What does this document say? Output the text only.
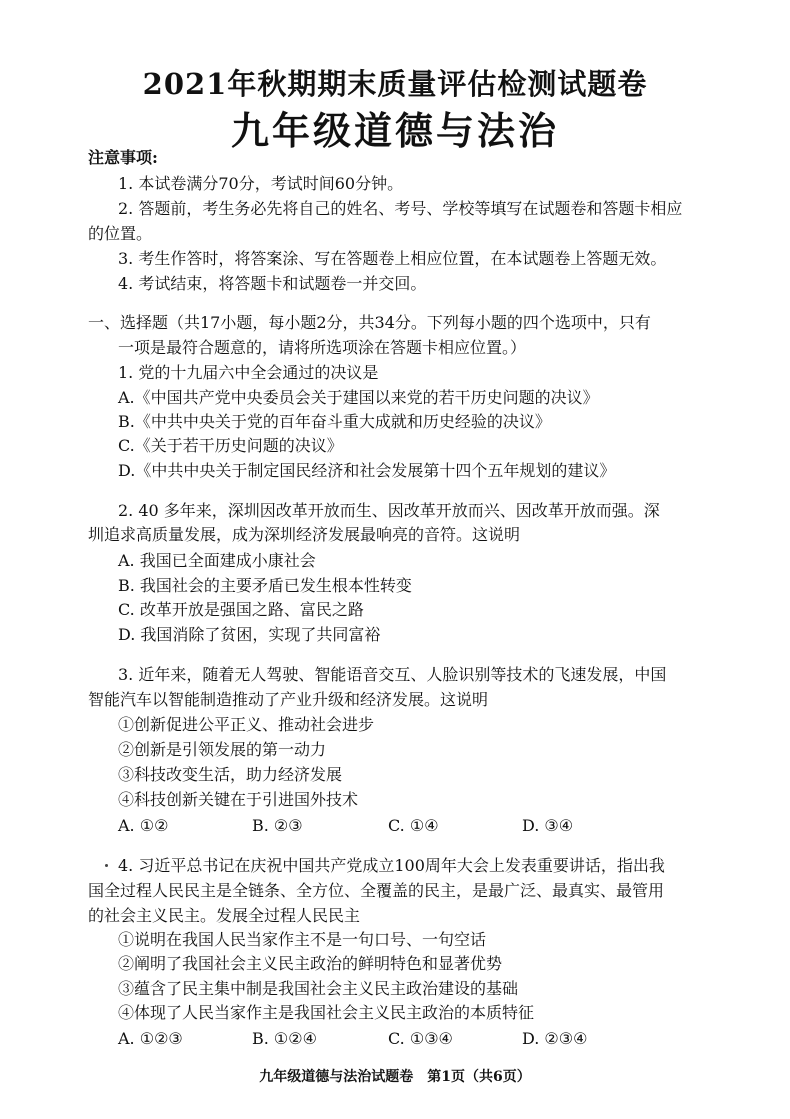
2021年秋期期末质量评估检测试题卷
九年级道德与法治
注意事项:
1. 本试卷满分70分，考试时间60分钟。
2. 答题前，考生务必先将自己的姓名、考号、学校等填写在试题卷和答题卡相应
的位置。
3. 考生作答时，将答案涂、写在答题卷上相应位置，在本试题卷上答题无效。
4. 考试结束，将答题卡和试题卷一并交回。
一、选择题（共17小题，每小题2分，共34分。下列每小题的四个选项中，只有
一项是最符合题意的，请将所选项涂在答题卡相应位置。）
1. 党的十九届六中全会通过的决议是
A.《中国共产党中央委员会关于建国以来党的若干历史问题的决议》
B.《中共中央关于党的百年奋斗重大成就和历史经验的决议》
C.《关于若干历史问题的决议》
D.《中共中央关于制定国民经济和社会发展第十四个五年规划的建议》
2. 40 多年来，深圳因改革开放而生、因改革开放而兴、因改革开放而强。深
圳追求高质量发展，成为深圳经济发展最响亮的音符。这说明
A. 我国已全面建成小康社会
B. 我国社会的主要矛盾已发生根本性转变
C. 改革开放是强国之路、富民之路
D. 我国消除了贫困，实现了共同富裕
3. 近年来，随着无人驾驶、智能语音交互、人脸识别等技术的飞速发展，中国
智能汽车以智能制造推动了产业升级和经济发展。这说明
①创新促进公平正义、推动社会进步
②创新是引领发展的第一动力
③科技改变生活，助力经济发展
④科技创新关键在于引进国外技术
A. ①②	B. ②③	C. ①④	D. ③④
4. 习近平总书记在庆祝中国共产党成立100周年大会上发表重要讲话，指出我
国全过程人民民主是全链条、全方位、全覆盖的民主，是最广泛、最真实、最管用
的社会主义民主。发展全过程人民民主
①说明在我国人民当家作主不是一句口号、一句空话
②阐明了我国社会主义民主政治的鲜明特色和显著优势
③蕴含了民主集中制是我国社会主义民主政治建设的基础
④体现了人民当家作主是我国社会主义民主政治的本质特征
A. ①②③	B. ①②④	C. ①③④	D. ②③④
九年级道德与法治试题卷　第1页（共6页）
